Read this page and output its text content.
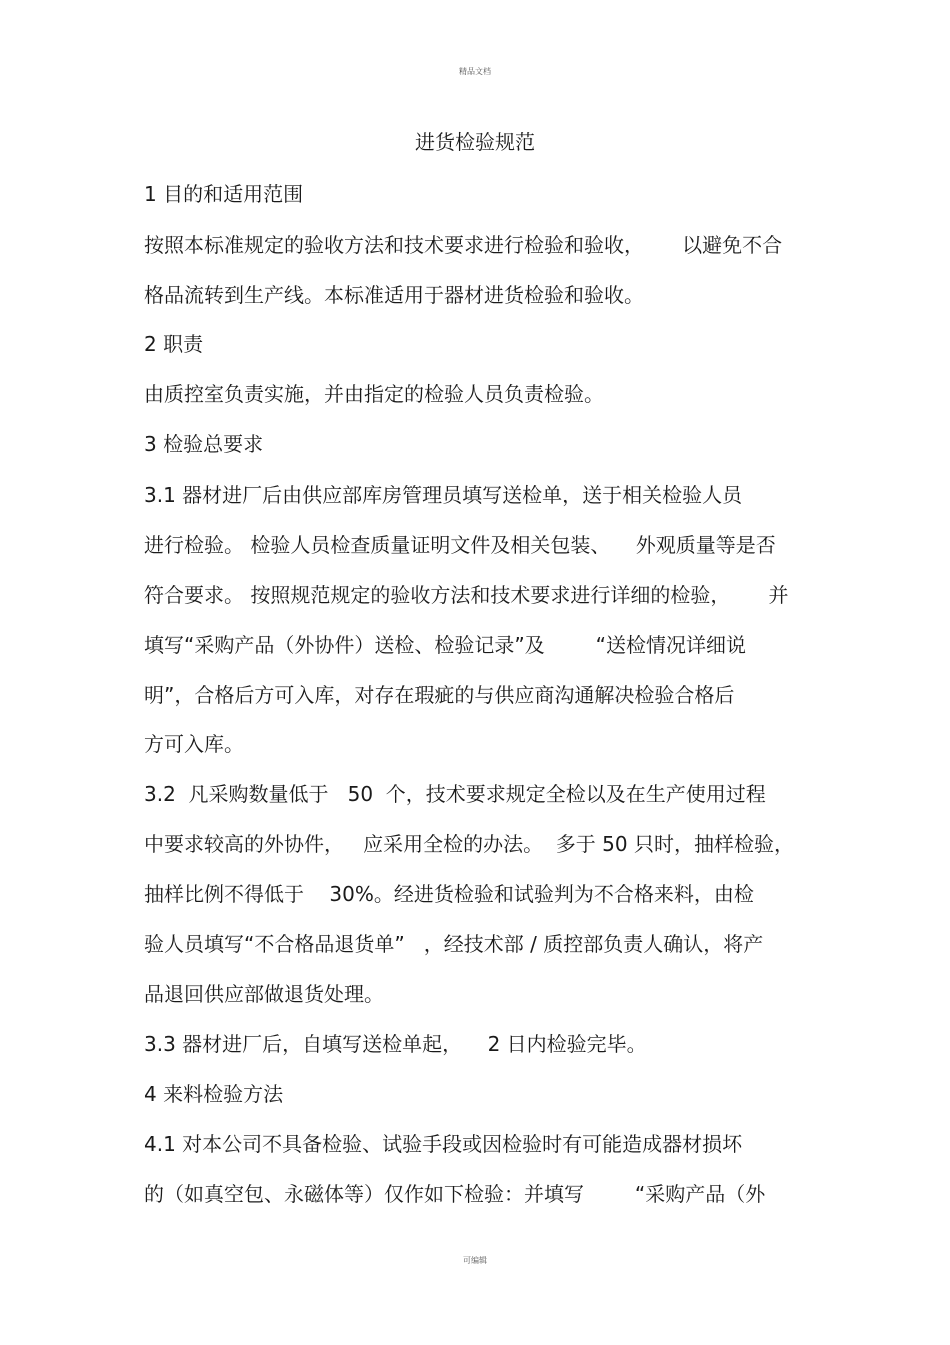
精品文档
进货检验规范
1 目的和适用范围
按照本标准规定的验收方法和技术要求进行检验和验收，      以避免不合
格品流转到生产线。本标准适用于器材进货检验和验收。
2 职责
由质控室负责实施，并由指定的检验人员负责检验。
3 检验总要求
3.1 器材进厂后由供应部库房管理员填写送检单，送于相关检验人员
进行检验。 检验人员检查质量证明文件及相关包装、    外观质量等是否
符合要求。 按照规范规定的验收方法和技术要求进行详细的检验，      并
填写“采购产品（外协件）送检、检验记录”及        “送检情况详细说
明”，合格后方可入库，对存在瑕疵的与供应商沟通解决检验合格后
方可入库。
3.2  凡采购数量低于   50  个，技术要求规定全检以及在生产使用过程
中要求较高的外协件，   应采用全检的办法。  多于 50 只时，抽样检验，
抽样比例不得低于    30%。经进货检验和试验判为不合格来料，由检
验人员填写“不合格品退货单”   ，经技术部 / 质控部负责人确认，将产
品退回供应部做退货处理。
3.3 器材进厂后，自填写送检单起，    2 日内检验完毕。
4 来料检验方法
4.1 对本公司不具备检验、试验手段或因检验时有可能造成器材损坏
的（如真空包、永磁体等）仅作如下检验：并填写        “采购产品（外
可编辑
